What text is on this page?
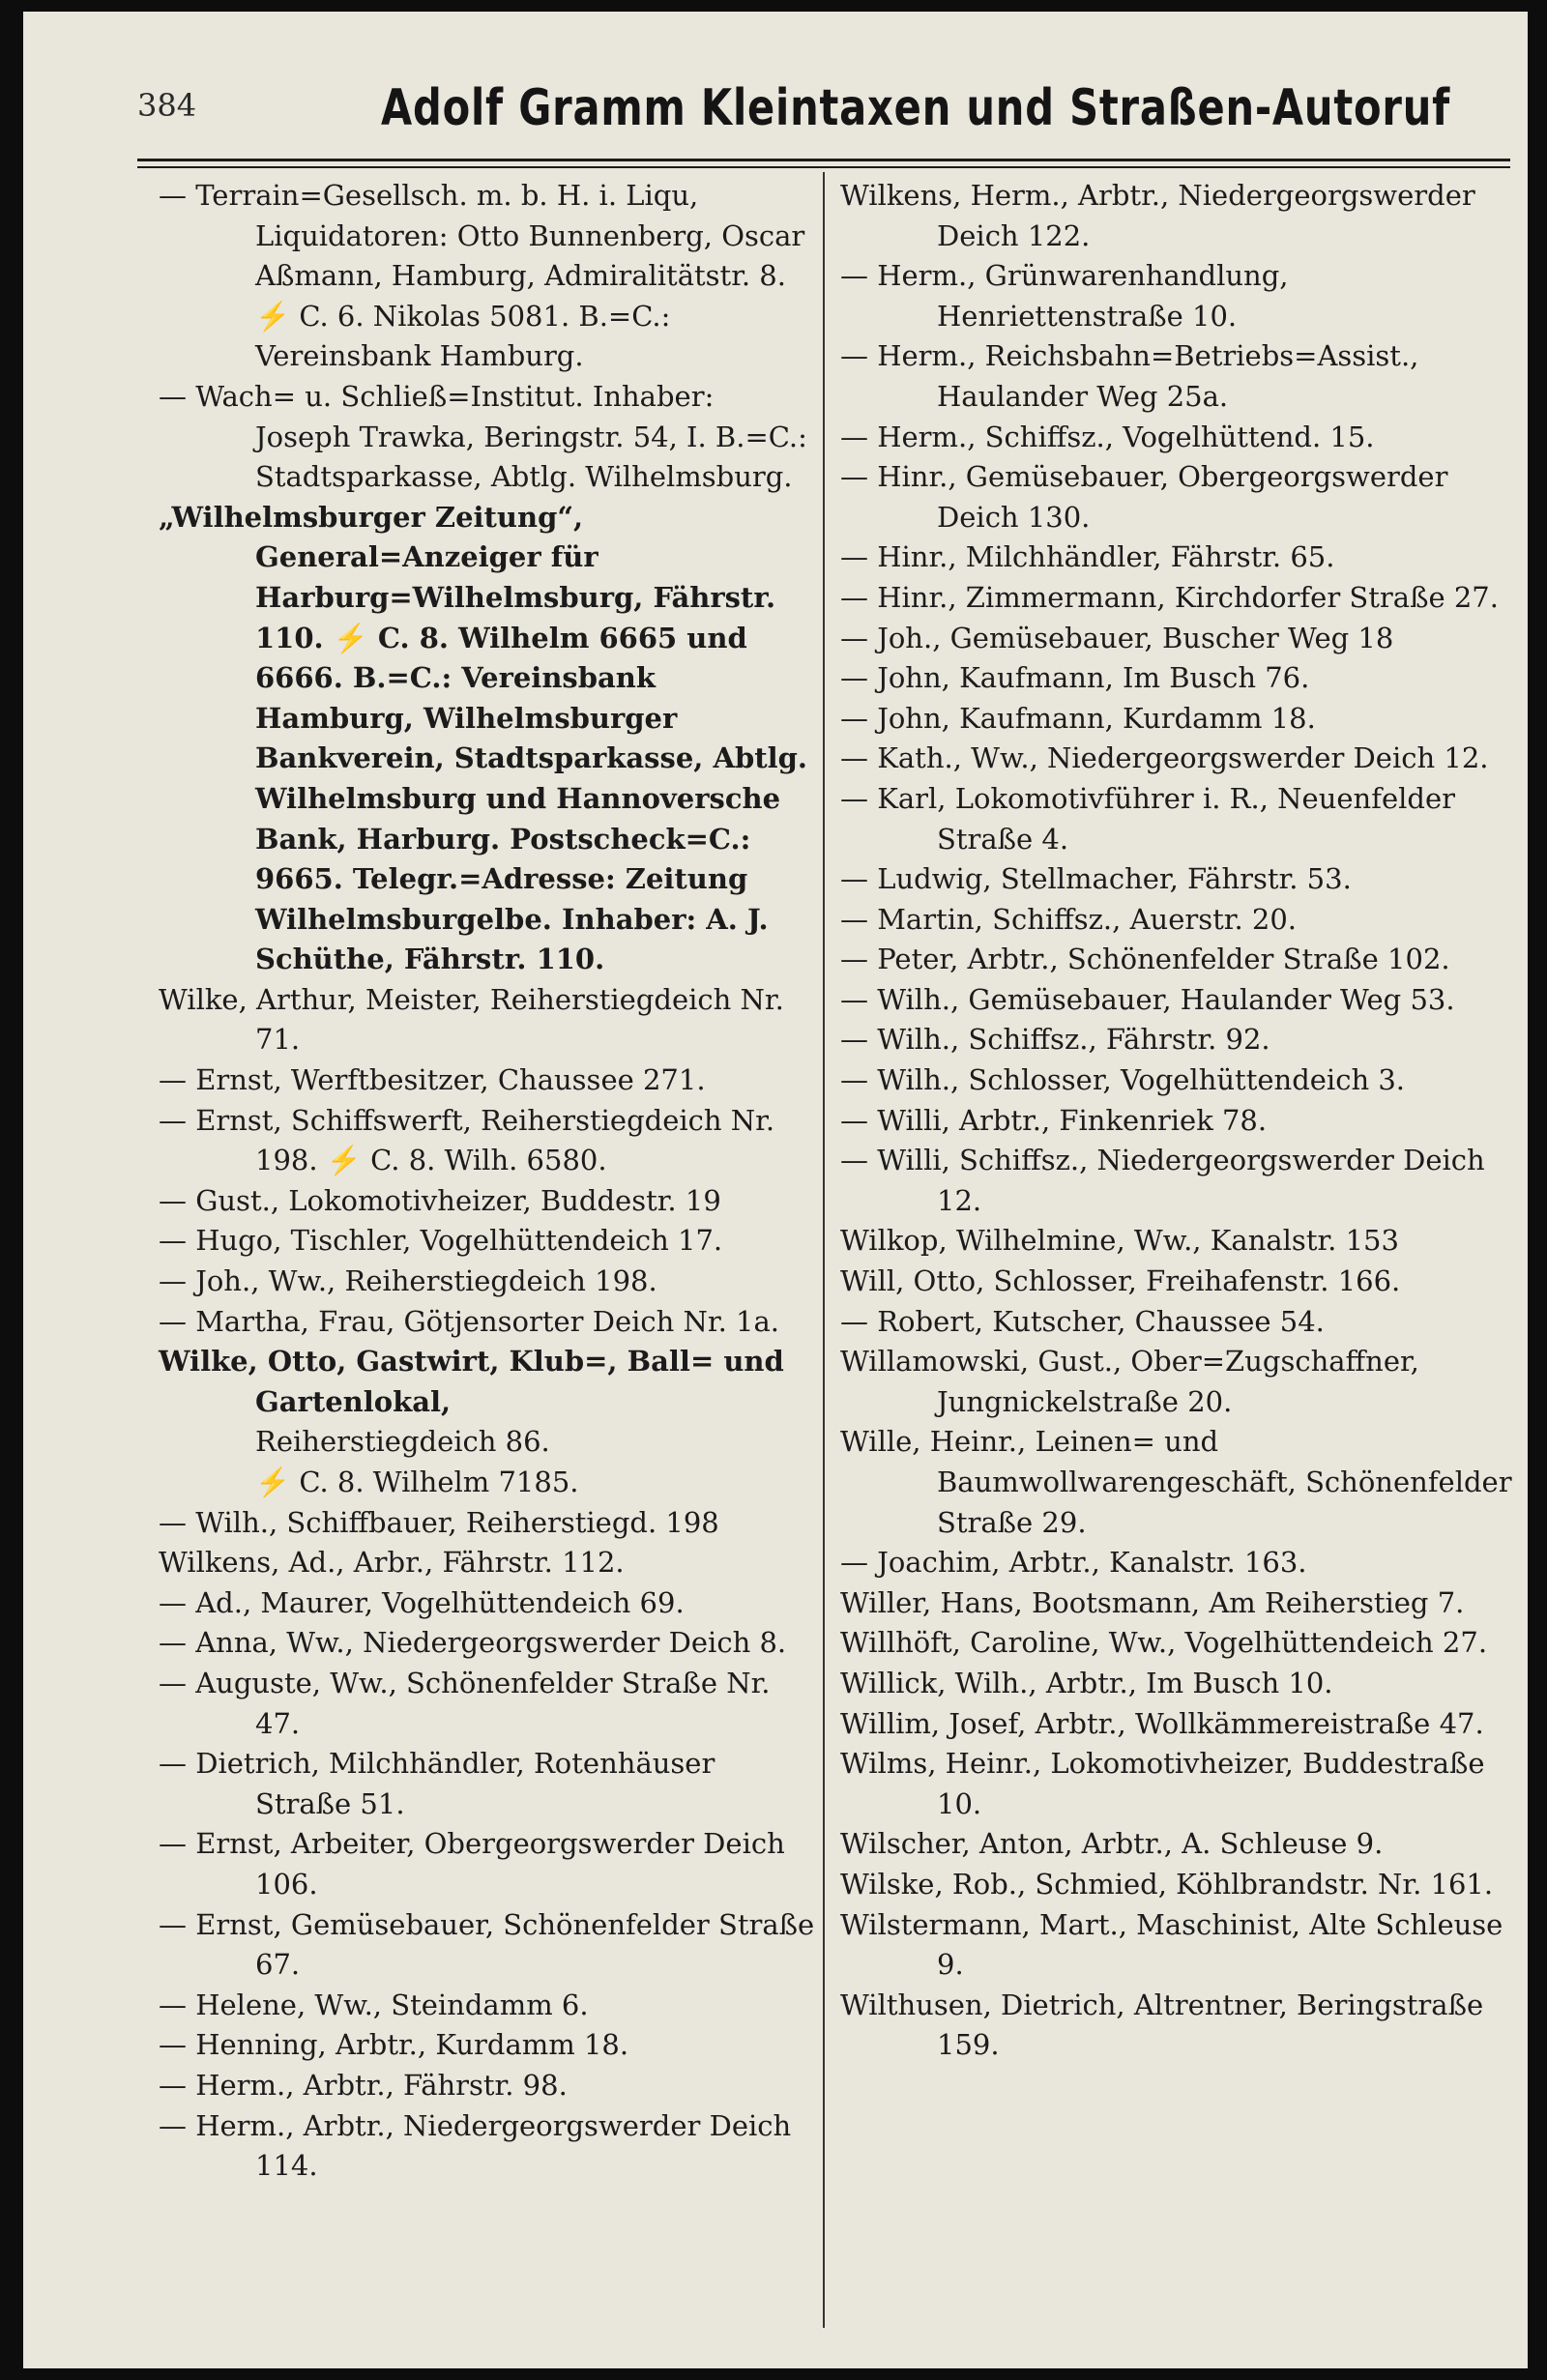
384	Adolf Gramm Kleintaxen und Straßen-Autoruf

— Terrain=Gesellsch. m. b. H. i. Liqu, Liquidatoren: Otto Bunnenberg, Oscar Aßmann, Hamburg, Admiralitätstr. 8. ⚡ C. 6. Nikolas 5081. B.=C.: Vereinsbank Hamburg.

— Wach= u. Schließ=Institut. Inhaber: Joseph Trawka, Beringstr. 54, I. B.=C.: Stadtsparkasse, Abtlg. Wilhelmsburg.

„Wilhelmsburger Zeitung“, General=Anzeiger für Harburg=Wilhelmsburg, Fährstr. 110. ⚡ C. 8. Wilhelm 6665 und 6666. B.=C.: Vereinsbank Hamburg, Wilhelmsburger Bankverein, Stadtsparkasse, Abtlg. Wilhelmsburg und Hannoversche Bank, Harburg. Postscheck=C.: 9665. Telegr.=Adresse: Zeitung Wilhelmsburgelbe. Inhaber: A. J. Schüthe, Fährstr. 110.

Wilke, Arthur, Meister, Reiherstiegdeich Nr. 71.

— Ernst, Werftbesitzer, Chaussee 271.

— Ernst, Schiffswerft, Reiherstiegdeich Nr. 198. ⚡ C. 8. Wilh. 6580.

— Gust., Lokomotivheizer, Buddestr. 19

— Hugo, Tischler, Vogelhüttendeich 17.

— Joh., Ww., Reiherstiegdeich 198.

— Martha, Frau, Götjensorter Deich Nr. 1a.

Wilke, Otto, Gastwirt, Klub=, Ball= und Gartenlokal,

Reiherstiegdeich 86.

⚡ C. 8. Wilhelm 7185.

— Wilh., Schiffbauer, Reiherstiegd. 198

Wilkens, Ad., Arbr., Fährstr. 112.

— Ad., Maurer, Vogelhüttendeich 69.

— Anna, Ww., Niedergeorgswerder Deich 8.

— Auguste, Ww., Schönenfelder Straße Nr. 47.

— Dietrich, Milchhändler, Rotenhäuser Straße 51.

— Ernst, Arbeiter, Obergeorgswerder Deich 106.

— Ernst, Gemüsebauer, Schönenfelder Straße 67.

— Helene, Ww., Steindamm 6.

— Henning, Arbtr., Kurdamm 18.

— Herm., Arbtr., Fährstr. 98.

— Herm., Arbtr., Niedergeorgswerder Deich 114.

Wilkens, Herm., Arbtr., Niedergeorgswerder Deich 122.

— Herm., Grünwarenhandlung, Henriettenstraße 10.

— Herm., Reichsbahn=Betriebs=Assist., Haulander Weg 25a.

— Herm., Schiffsz., Vogelhüttend. 15.

— Hinr., Gemüsebauer, Obergeorgswerder Deich 130.

— Hinr., Milchhändler, Fährstr. 65.

— Hinr., Zimmermann, Kirchdorfer Straße 27.

— Joh., Gemüsebauer, Buscher Weg 18

— John, Kaufmann, Im Busch 76.

— John, Kaufmann, Kurdamm 18.

— Kath., Ww., Niedergeorgswerder Deich 12.

— Karl, Lokomotivführer i. R., Neuenfelder Straße 4.

— Ludwig, Stellmacher, Fährstr. 53.

— Martin, Schiffsz., Auerstr. 20.

— Peter, Arbtr., Schönenfelder Straße 102.

— Wilh., Gemüsebauer, Haulander Weg 53.

— Wilh., Schiffsz., Fährstr. 92.

— Wilh., Schlosser, Vogelhüttendeich 3.

— Willi, Arbtr., Finkenriek 78.

— Willi, Schiffsz., Niedergeorgswerder Deich 12.

Wilkop, Wilhelmine, Ww., Kanalstr. 153

Will, Otto, Schlosser, Freihafenstr. 166.

— Robert, Kutscher, Chaussee 54.

Willamowski, Gust., Ober=Zugschaffner, Jungnickelstraße 20.

Wille, Heinr., Leinen= und Baumwollwarengeschäft, Schönenfelder Straße 29.

— Joachim, Arbtr., Kanalstr. 163.

Willer, Hans, Bootsmann, Am Reiherstieg 7.

Willhöft, Caroline, Ww., Vogelhüttendeich 27.

Willick, Wilh., Arbtr., Im Busch 10.

Willim, Josef, Arbtr., Wollkämmereistraße 47.

Wilms, Heinr., Lokomotivheizer, Buddestraße 10.

Wilscher, Anton, Arbtr., A. Schleuse 9.

Wilske, Rob., Schmied, Köhlbrandstr. Nr. 161.

Wilstermann, Mart., Maschinist, Alte Schleuse 9.

Wilthusen, Dietrich, Altrentner, Beringstraße 159.
